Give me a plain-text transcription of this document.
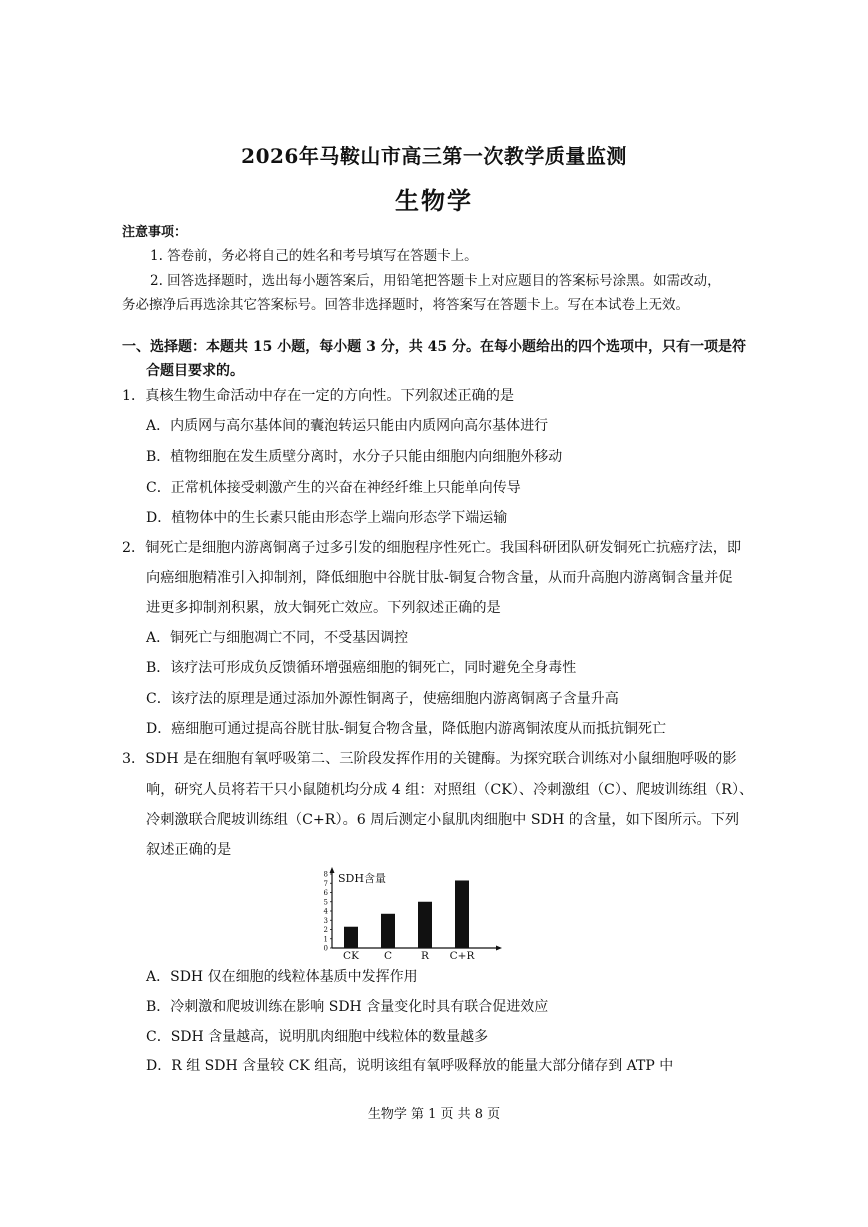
2026年马鞍山市高三第一次教学质量监测
生物学
注意事项：
1. 答卷前，务必将自己的姓名和考号填写在答题卡上。
2. 回答选择题时，选出每小题答案后，用铅笔把答题卡上对应题目的答案标号涂黑。如需改动，
务必擦净后再选涂其它答案标号。回答非选择题时，将答案写在答题卡上。写在本试卷上无效。
一、选择题：本题共 15 小题，每小题 3 分，共 45 分。在每小题给出的四个选项中，只有一项是符
合题目要求的。
1．真核生物生命活动中存在一定的方向性。下列叙述正确的是
A．内质网与高尔基体间的囊泡转运只能由内质网向高尔基体进行
B．植物细胞在发生质壁分离时，水分子只能由细胞内向细胞外移动
C．正常机体接受刺激产生的兴奋在神经纤维上只能单向传导
D．植物体中的生长素只能由形态学上端向形态学下端运输
2．铜死亡是细胞内游离铜离子过多引发的细胞程序性死亡。我国科研团队研发铜死亡抗癌疗法，即
向癌细胞精准引入抑制剂，降低细胞中谷胱甘肽-铜复合物含量，从而升高胞内游离铜含量并促
进更多抑制剂积累，放大铜死亡效应。下列叙述正确的是
A．铜死亡与细胞凋亡不同，不受基因调控
B．该疗法可形成负反馈循环增强癌细胞的铜死亡，同时避免全身毒性
C．该疗法的原理是通过添加外源性铜离子，使癌细胞内游离铜离子含量升高
D．癌细胞可通过提高谷胱甘肽-铜复合物含量，降低胞内游离铜浓度从而抵抗铜死亡
3．SDH 是在细胞有氧呼吸第二、三阶段发挥作用的关键酶。为探究联合训练对小鼠细胞呼吸的影
响，研究人员将若干只小鼠随机均分成 4 组：对照组（CK）、冷刺激组（C）、爬坡训练组（R）、
冷刺激联合爬坡训练组（C+R）。6 周后测定小鼠肌肉细胞中 SDH 的含量，如下图所示。下列
叙述正确的是
SDH含量
0
1
2
3
4
5
6
7
8
CK C	R C+R
A．SDH 仅在细胞的线粒体基质中发挥作用
B．冷刺激和爬坡训练在影响 SDH 含量变化时具有联合促进效应
C．SDH 含量越高，说明肌肉细胞中线粒体的数量越多
D．R 组 SDH 含量较 CK 组高，说明该组有氧呼吸释放的能量大部分储存到 ATP 中
生物学 第 1 页 共 8 页
